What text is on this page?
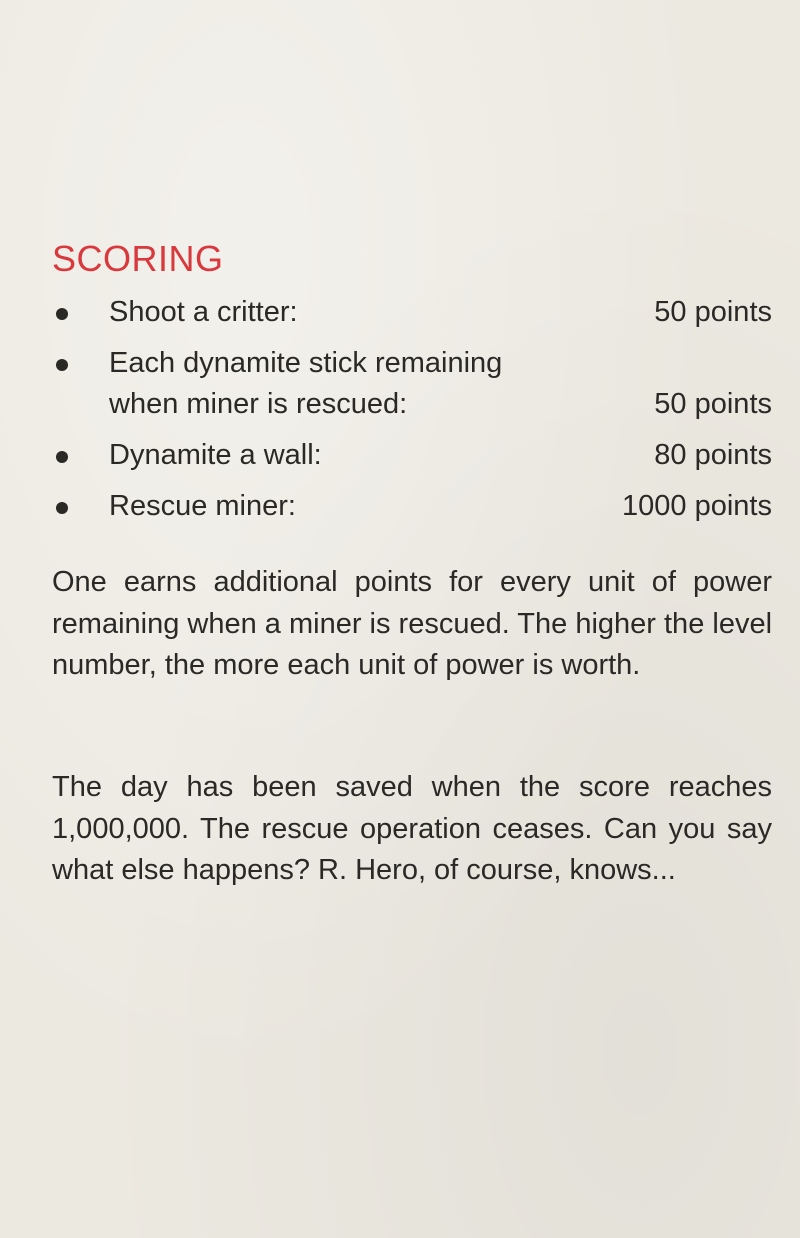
SCORING
Shoot a critter:	50 points
Each dynamite stick remaining when miner is rescued:	50 points
Dynamite a wall:	80 points
Rescue miner:	1000 points

One earns additional points for every unit of power remaining when a miner is rescued. The higher the level number, the more each unit of power is worth.

The day has been saved when the score reaches 1,000,000. The rescue operation ceases. Can you say what else happens? R. Hero, of course, knows...
